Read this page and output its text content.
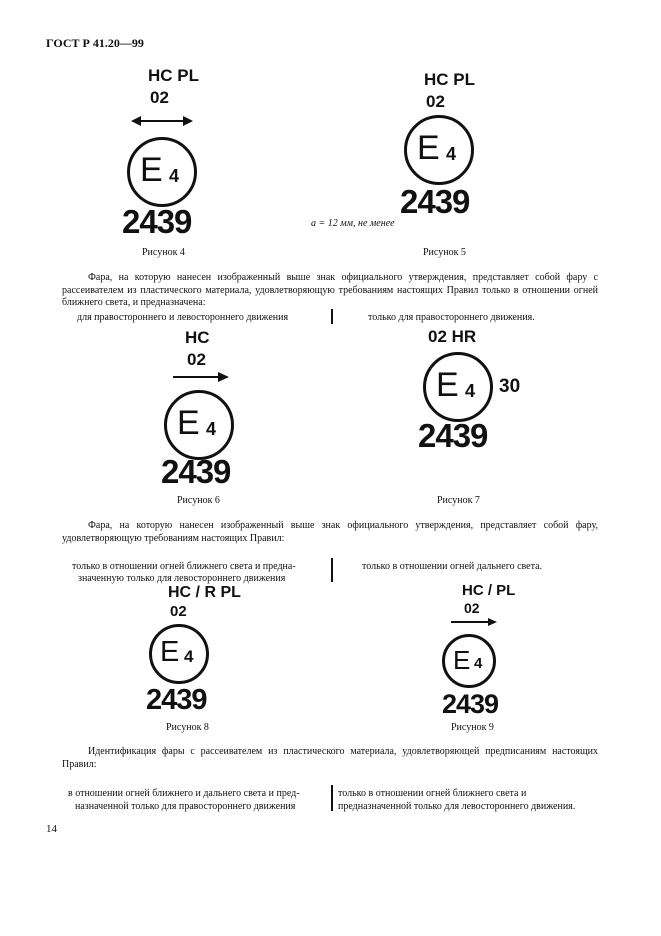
ГОСТ Р 41.20—99
HC PL
02
E 4
2439
Рисунок 4
HC PL
02
E 4
2439
a = 12 мм, не менее
Рисунок 5
Фара, на которую нанесен изображенный выше знак официального утверждения, представляет собой фару с рассеивателем из пластического материала, удовлетворяющую требованиям настоящих Правил только в отношении огней ближнего света, и предназначена:
для правостороннего и левостороннего движения	только для правостороннего движения.
HC
02
E 4
2439
Рисунок 6
02 HR
E 4 30
2439
Рисунок 7
Фара, на которую нанесен изображенный выше знак официального утверждения, представляет собой фару, удовлетворяющую требованиям настоящих Правил:
только в отношении огней ближнего света и предна-
значенную только для левостороннего движения
только в отношении огней дальнего света.
HC / R PL
02
E 4
2439
Рисунок 8
HC / PL
02
E 4
2439
Рисунок 9
Идентификация фары с рассеивателем из пластического материала, удовлетворяющей предписаниям настоящих Правил:
в отношении огней ближнего и дальнего света и пред-
назначенной только для правостороннего движения
только в отношении огней ближнего света и
предназначенной только для левостороннего движения.
14
